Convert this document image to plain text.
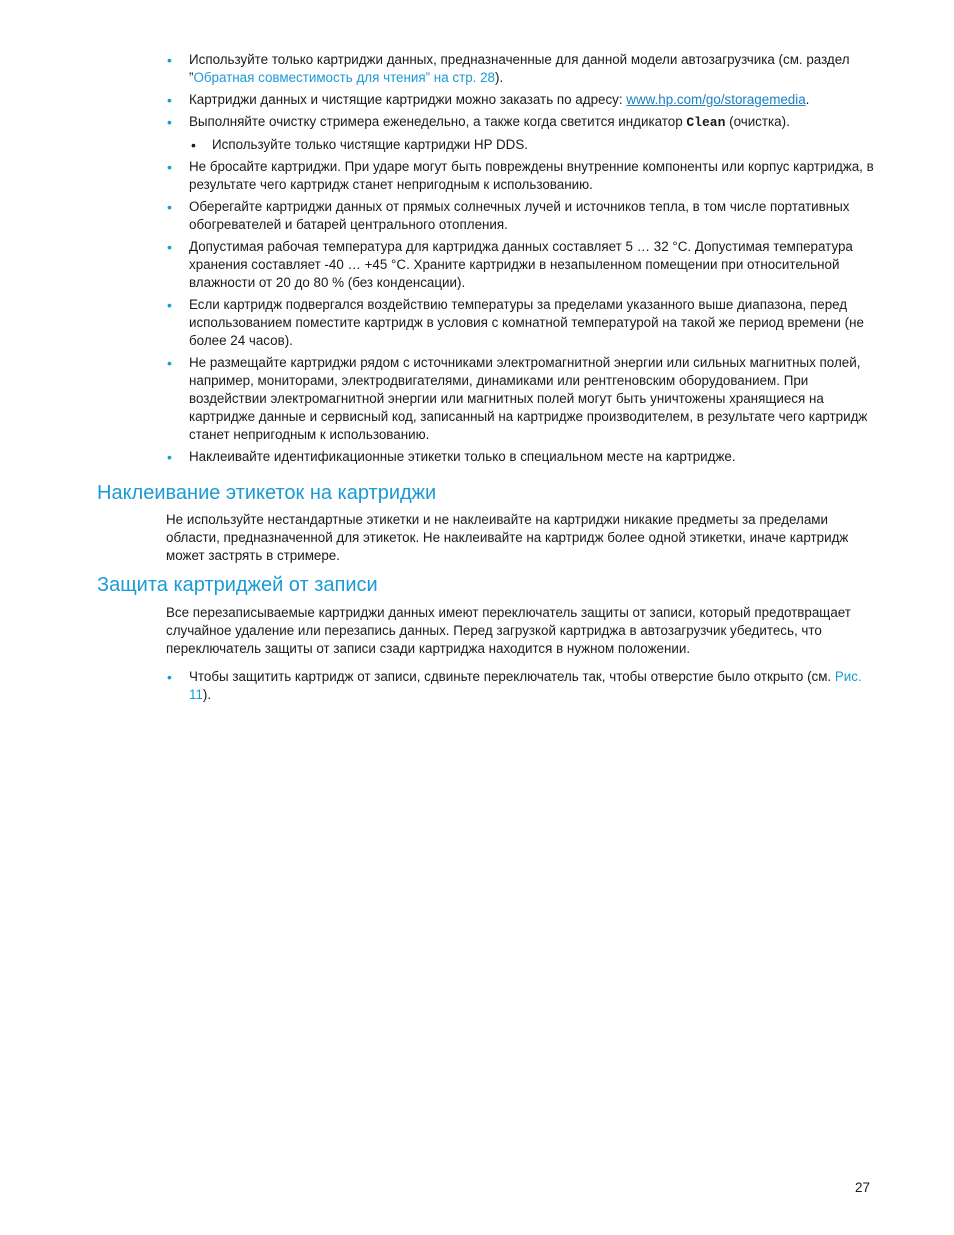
• Используйте только картриджи данных, предназначенные для данной модели автозагрузчика (см. раздел ”Обратная совместимость для чтения” на стр. 28).
• Картриджи данных и чистящие картриджи можно заказать по адресу: www.hp.com/go/storagemedia.
• Выполняйте очистку стримера еженедельно, а также когда светится индикатор Clean (очистка).
• Используйте только чистящие картриджи HP DDS.
• Не бросайте картриджи. При ударе могут быть повреждены внутренние компоненты или корпус картриджа, в результате чего картридж станет непригодным к использованию.
• Оберегайте картриджи данных от прямых солнечных лучей и источников тепла, в том числе портативных обогревателей и батарей центрального отопления.
• Допустимая рабочая температура для картриджа данных составляет 5 … 32 °C. Допустимая температура хранения составляет -40 … +45 °C. Храните картриджи в незапыленном помещении при относительной влажности от 20 до 80 % (без конденсации).
• Если картридж подвергался воздействию температуры за пределами указанного выше диапазона, перед использованием поместите картридж в условия с комнатной температурой на такой же период времени (не более 24 часов).
• Не размещайте картриджи рядом с источниками электромагнитной энергии или сильных магнитных полей, например, мониторами, электродвигателями, динамиками или рентгеновским оборудованием. При воздействии электромагнитной энергии или магнитных полей могут быть уничтожены хранящиеся на картридже данные и сервисный код, записанный на картридже производителем, в результате чего картридж станет непригодным к использованию.
• Наклеивайте идентификационные этикетки только в специальном месте на картридже.
Наклеивание этикеток на картриджи

Не используйте нестандартные этикетки и не наклеивайте на картриджи никакие предметы за пределами области, предназначенной для этикеток. Не наклеивайте на картридж более одной этикетки, иначе картридж может застрять в стримере.

Защита картриджей от записи

Все перезаписываемые картриджи данных имеют переключатель защиты от записи, который предотвращает случайное удаление или перезапись данных. Перед загрузкой картриджа в автозагрузчик убедитесь, что переключатель защиты от записи сзади картриджа находится в нужном положении.

• Чтобы защитить картридж от записи, сдвиньте переключатель так, чтобы отверстие было открыто (см. Рис. 11).
27
